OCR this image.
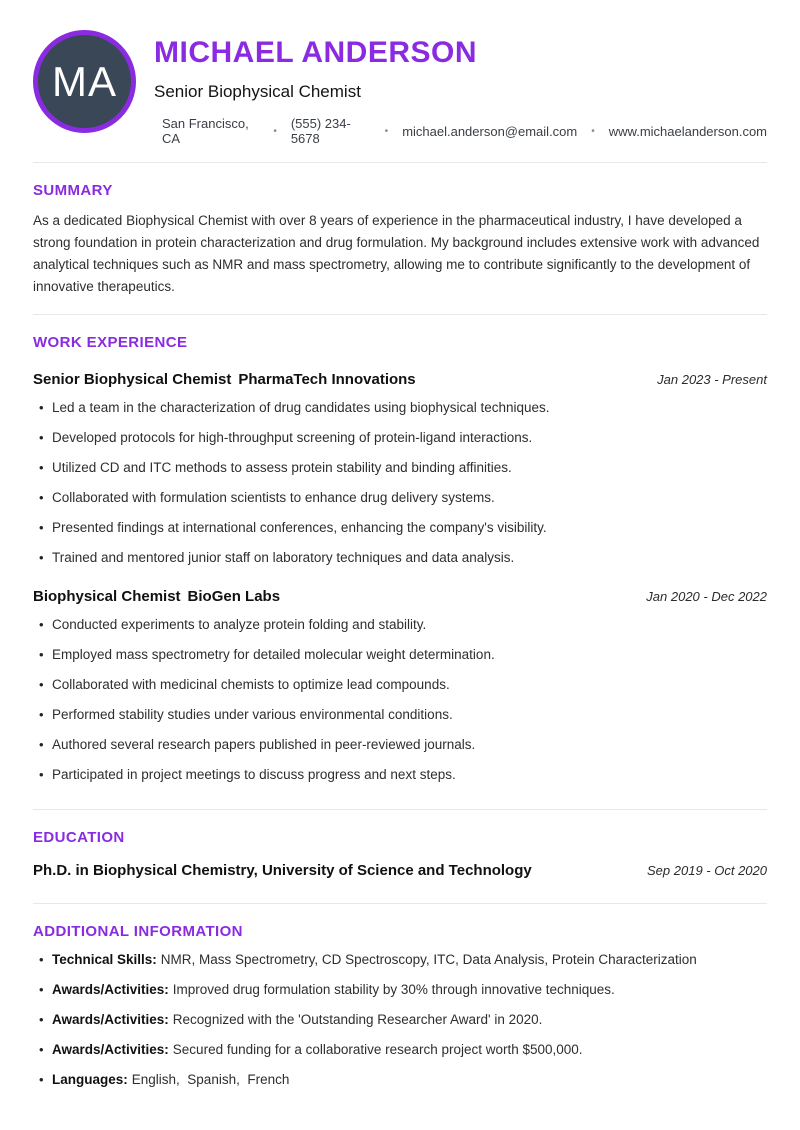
MA
MICHAEL ANDERSON

Senior Biophysical Chemist

San Francisco, CA	• (555) 234-5678	• michael.anderson@email.com • www.michaelanderson.com
SUMMARY

As a dedicated Biophysical Chemist with over 8 years of experience in the pharmaceutical industry, I have developed a strong foundation in protein characterization and drug formulation. My background includes extensive work with advanced analytical techniques such as NMR and mass spectrometry, allowing me to contribute significantly to the development of innovative therapeutics.

WORK EXPERIENCE
Senior Biophysical Chemist PharmaTech Innovations	Jan 2023 - Present
• Led a team in the characterization of drug candidates using biophysical techniques.
• Developed protocols for high-throughput screening of protein-ligand interactions.
• Utilized CD and ITC methods to assess protein stability and binding affinities.
• Collaborated with formulation scientists to enhance drug delivery systems.
• Presented findings at international conferences, enhancing the company's visibility.
• Trained and mentored junior staff on laboratory techniques and data analysis.
Biophysical Chemist BioGen Labs	Jan 2020 - Dec 2022
• Conducted experiments to analyze protein folding and stability.
• Employed mass spectrometry for detailed molecular weight determination.
• Collaborated with medicinal chemists to optimize lead compounds.
• Performed stability studies under various environmental conditions.
• Authored several research papers published in peer-reviewed journals.
• Participated in project meetings to discuss progress and next steps.
EDUCATION
Ph.D. in Biophysical Chemistry, University of Science and Technology	Sep 2019 - Oct 2020
ADDITIONAL INFORMATION
• Technical Skills: NMR, Mass Spectrometry, CD Spectroscopy, ITC, Data Analysis, Protein Characterization
• Awards/Activities: Improved drug formulation stability by 30% through innovative techniques.
• Awards/Activities: Recognized with the 'Outstanding Researcher Award' in 2020.
• Awards/Activities: Secured funding for a collaborative research project worth $500,000.
• Languages: English,  Spanish,  French
